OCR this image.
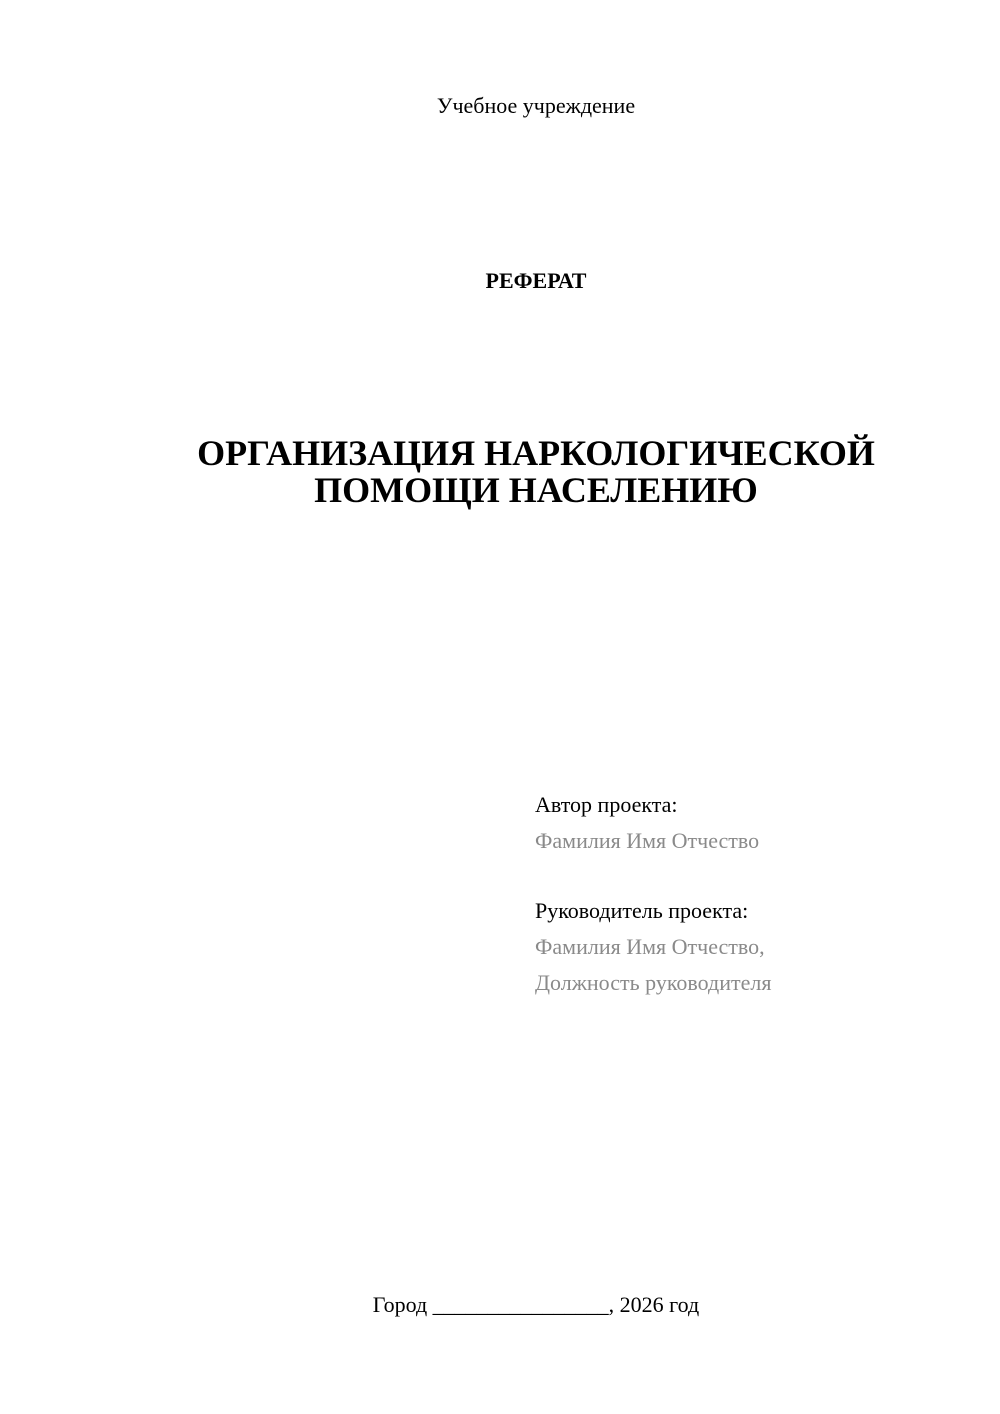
Учебное учреждение
РЕФЕРАТ
ОРГАНИЗАЦИЯ НАРКОЛОГИЧЕСКОЙ
ПОМОЩИ НАСЕЛЕНИЮ
Автор проекта:
Фамилия Имя Отчество
Руководитель проекта:
Фамилия Имя Отчество,
Должность руководителя
Город ________________, 2026 год
